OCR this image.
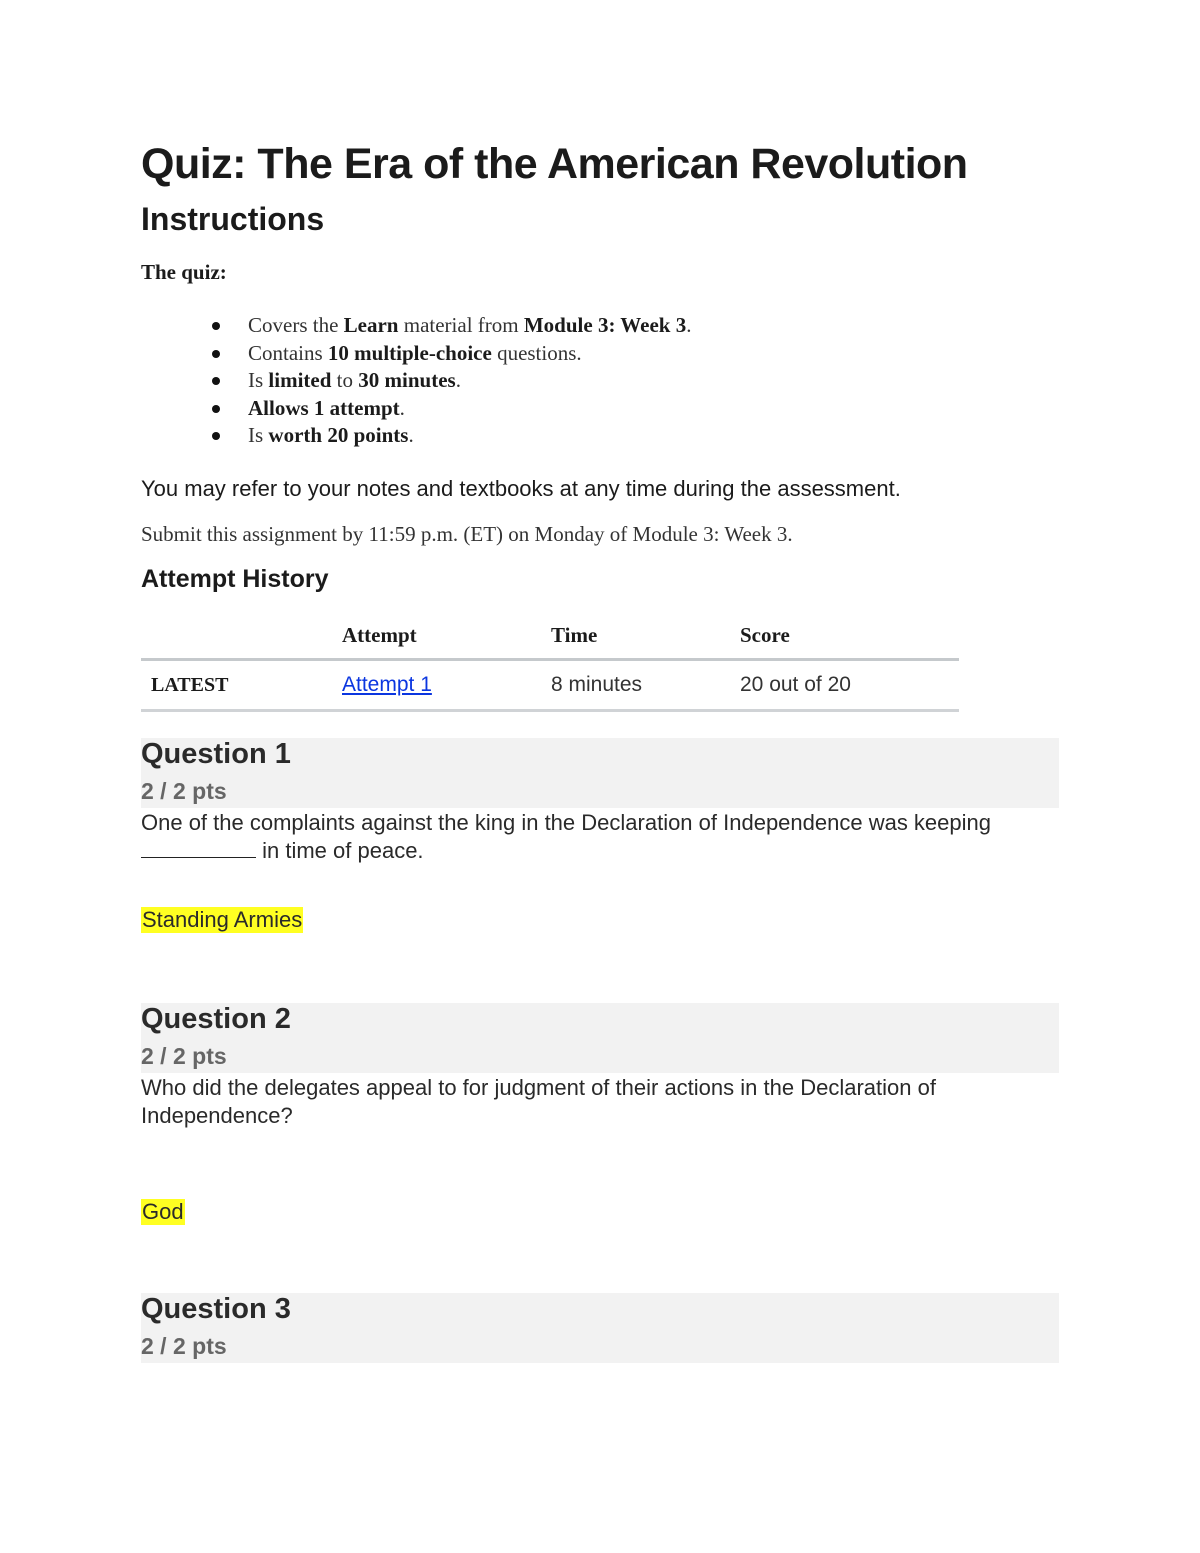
Quiz: The Era of the American Revolution
Instructions

The quiz:

Covers the Learn material from Module 3: Week 3.
Contains 10 multiple-choice questions.
Is limited to 30 minutes.
Allows 1 attempt.
Is worth 20 points.

You may refer to your notes and textbooks at any time during the assessment.

Submit this assignment by 11:59 p.m. (ET) on Monday of Module 3: Week 3.

Attempt History
	Attempt	Time	Score
LATEST	Attempt 1	8 minutes	20 out of 20
Question 1

2 / 2 pts

One of the complaints against the king in the Declaration of Independence was keeping
in time of peace.

Standing Armies

Question 2

2 / 2 pts

Who did the delegates appeal to for judgment of their actions in the Declaration of Independence?

God

Question 3

2 / 2 pts
